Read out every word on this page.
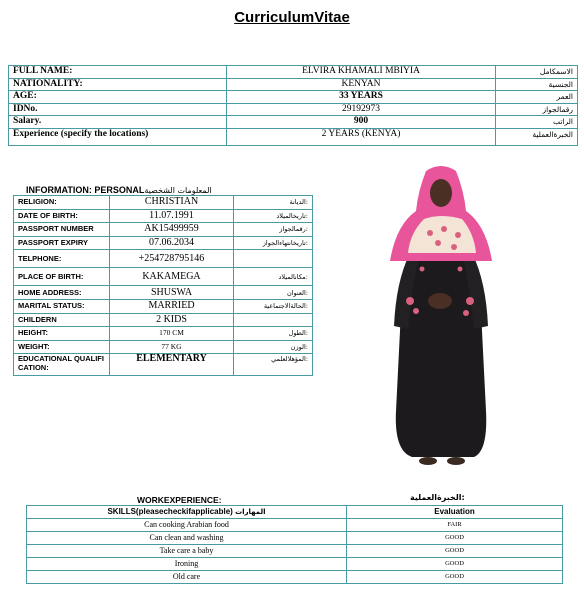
CurriculumVitae
FULL NAME:	ELVIRA KHAMALI MBIYIA	الاسمكامل
NATIONALITY:	KENYAN	الجنسية
AGE:	33 YEARS	العمر
IDNo.	29192973	رقمالجواز
Salary.	900	الراتب
Experience (specify the locations)	2 YEARS (KENYA)	الخبرةالعملية
INFORMATION: PERSONALالمعلومات الشخصية
RELIGION:	CHRISTIAN	الديانة:
DATE OF BIRTH:	11.07.1991	تاريخالميلاد:
PASSPORT NUMBER	AK15499959	رقمالجواز:
PASSPORT EXPIRY	07.06.2034	تاريخانتهاءالجواز:
TELPHONE:	+254728795146	
PLACE OF BIRTH:	KAKAMEGA	مكانالميلاد:
HOME ADDRESS:	SHUSWA	العنوان:
MARITAL STATUS:	MARRIED	الحالةالاجتماعية:
CHILDERN	2 KIDS	
HEIGHT:	170 CM	الطول:
WEIGHT:	77 KG	الوزن:
EDUCATIONAL QUALIFI CATION:	ELEMENTARY	المؤهلالعلمي:
WORKEXPERIENCE:	الخبرةالعملية:
SKILLS(pleasecheckifapplicable) المهارات	Evaluation
Can cooking Arabian food	FAIR
Can clean and washing	GOOD
Take care a baby	GOOD
Ironing	GOOD
Old care	GOOD
